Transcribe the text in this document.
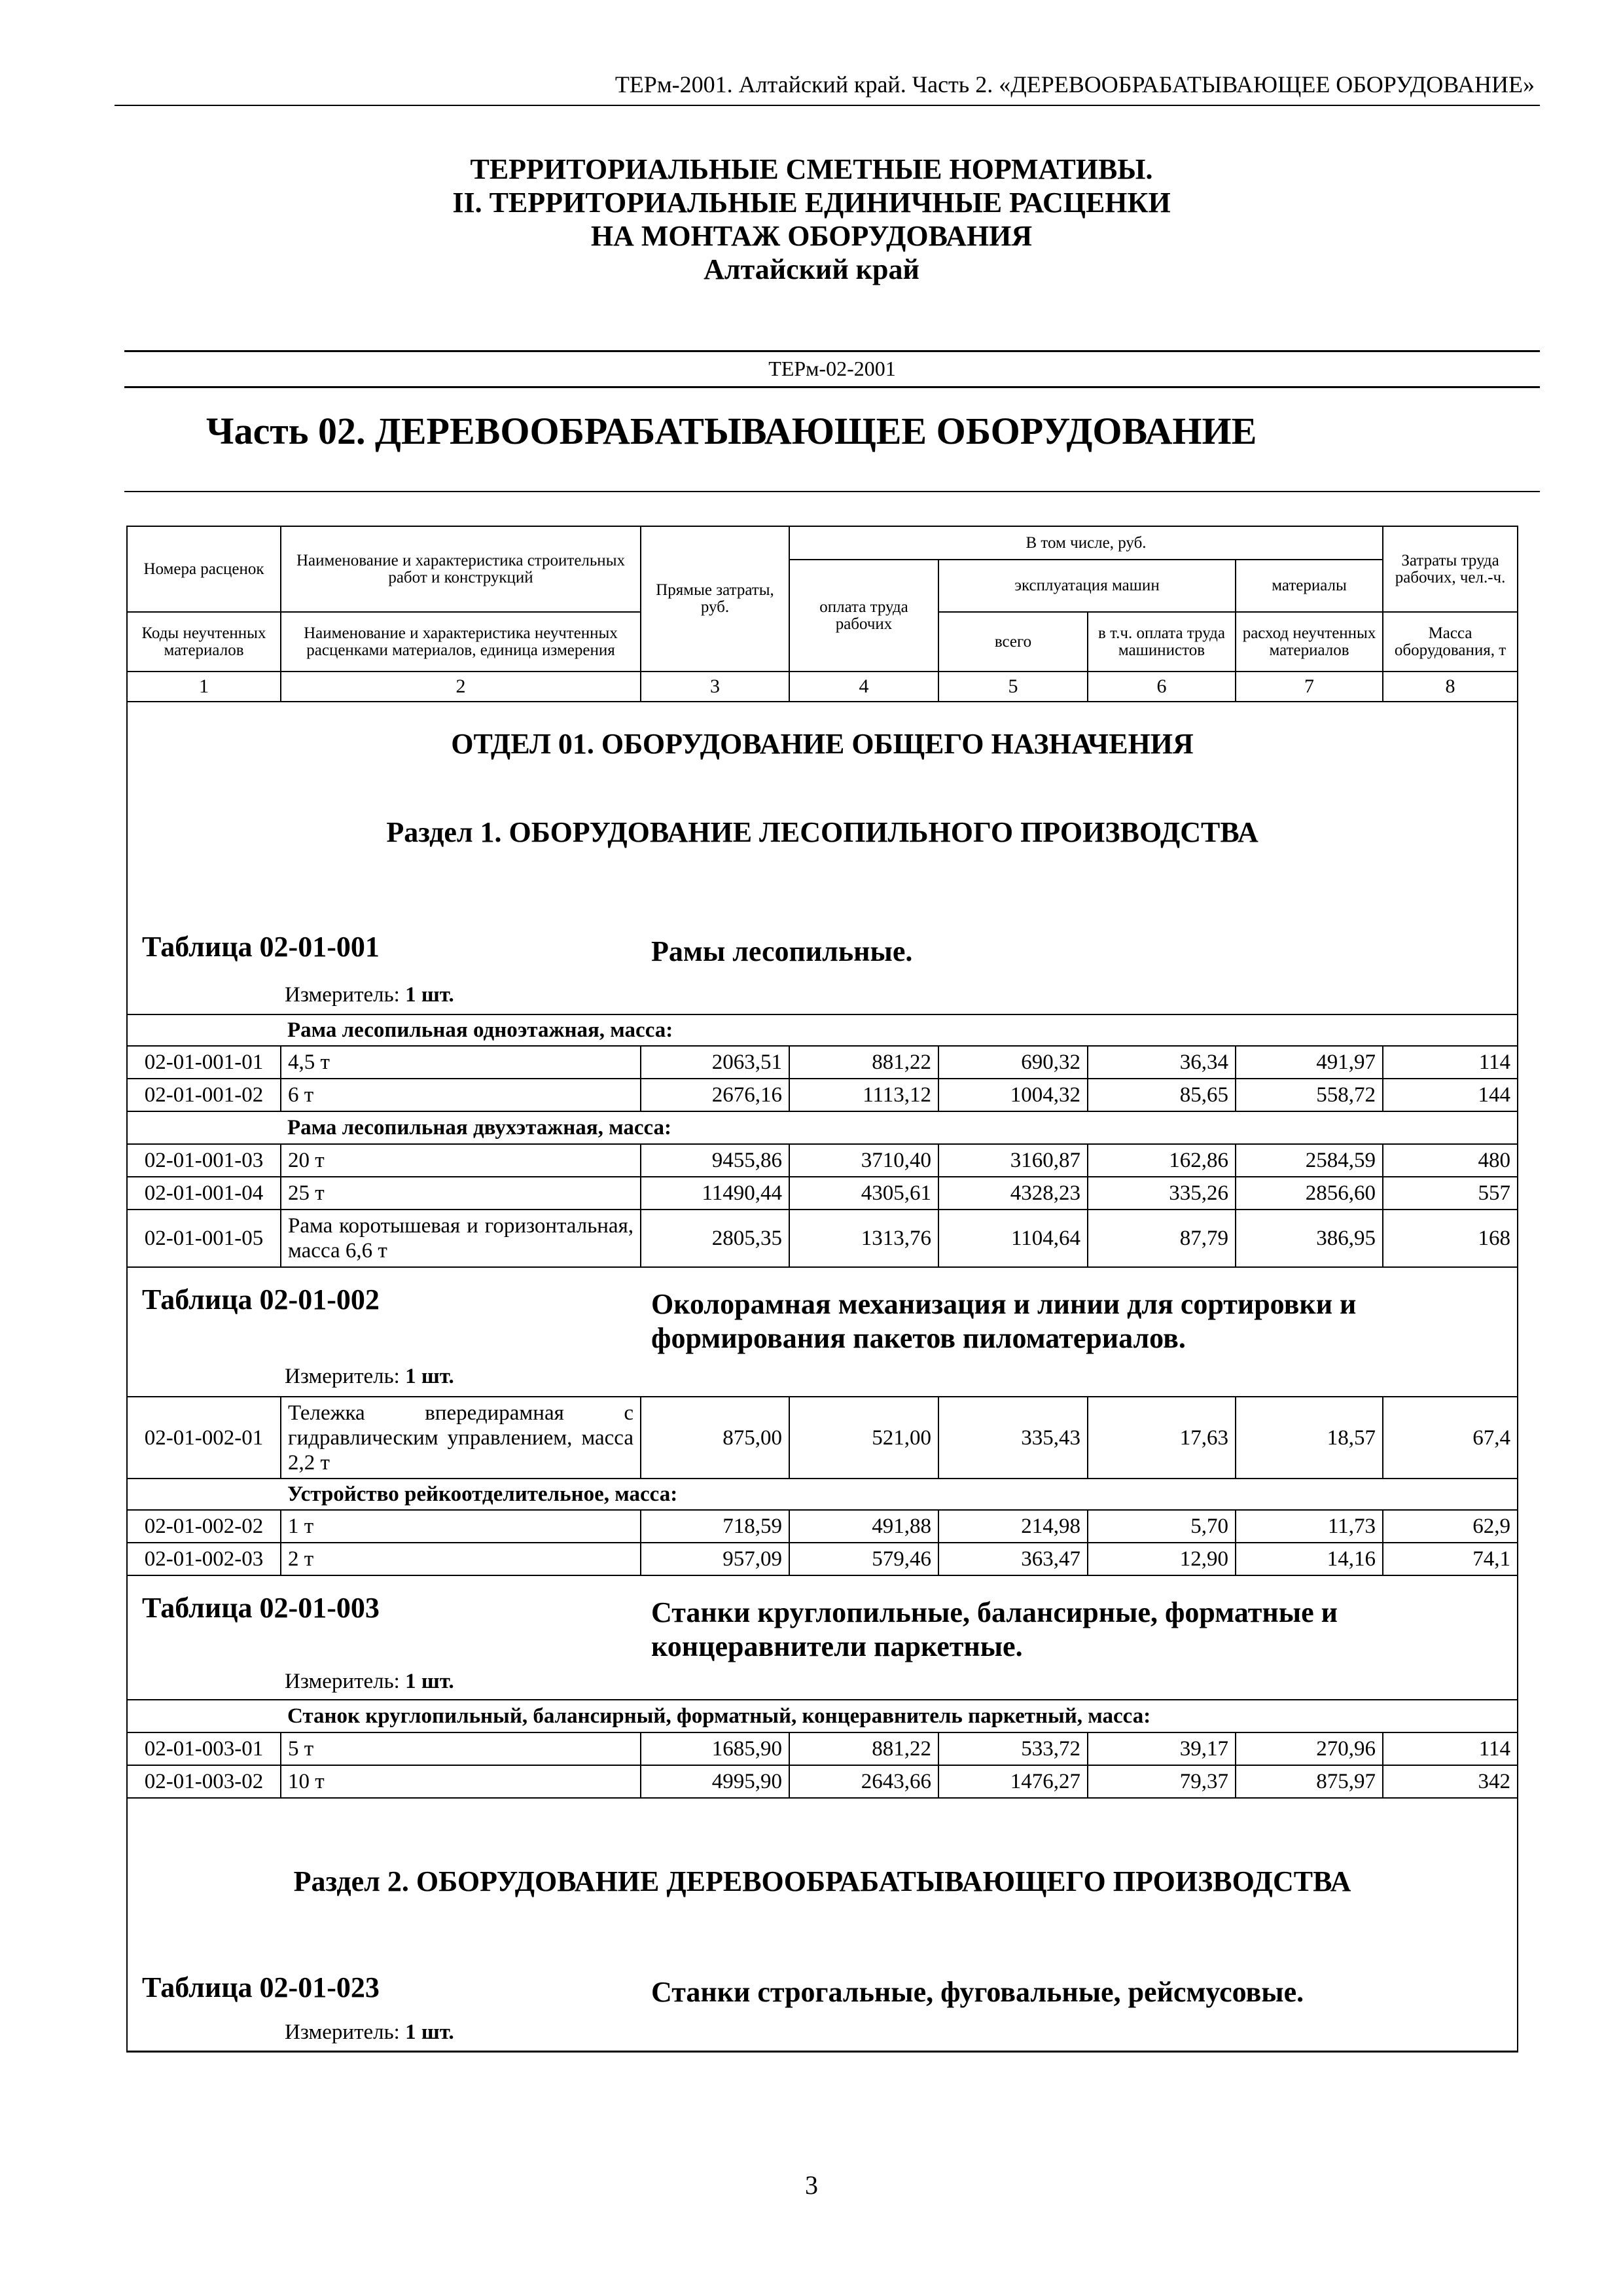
ТЕРм-2001. Алтайский край. Часть 2. «ДЕРЕВООБРАБАТЫВАЮЩЕЕ ОБОРУДОВАНИЕ»
ТЕРРИТОРИАЛЬНЫЕ СМЕТНЫЕ НОРМАТИВЫ.
II. ТЕРРИТОРИАЛЬНЫЕ ЕДИНИЧНЫЕ РАСЦЕНКИ
НА МОНТАЖ ОБОРУДОВАНИЯ
Алтайский край
ТЕРм-02-2001
Часть 02. ДЕРЕВООБРАБАТЫВАЮЩЕЕ ОБОРУДОВАНИЕ
Номера расценок	Наименование и характеристика строительных работ и конструкций	Прямые затраты, руб.	В том числе, руб.				Затраты труда рабочих, чел.-ч.
			оплата труда рабочих	эксплуатация машин		материалы	
Коды неучтенных материалов	Наименование и характеристика неучтенных расценками материалов, единица измерения			всего	в т.ч. оплата труда машинистов	расход неучтенных материалов	Масса оборудования, т
1	2	3	4	5	6	7	8

ОТДЕЛ 01. ОБОРУДОВАНИЕ ОБЩЕГО НАЗНАЧЕНИЯ
Раздел 1. ОБОРУДОВАНИЕ ЛЕСОПИЛЬНОГО ПРОИЗВОДСТВА
Таблица 02-01-001 Рамы лесопильные.
Измеритель: 1 шт.							

	Рама лесопильная одноэтажная, масса:						
02-01-001-01	4,5 т	2063,51	881,22	690,32	36,34	491,97	114
02-01-001-02	6 т	2676,16	1113,12	1004,32	85,65	558,72	144
	Рама лесопильная двухэтажная, масса:						
02-01-001-03	20 т	9455,86	3710,40	3160,87	162,86	2584,59	480
02-01-001-04	25 т	11490,44	4305,61	4328,23	335,26	2856,60	557
02-01-001-05	Рама коротышевая и горизонтальная, масса 6,6 т	2805,35	1313,76	1104,64	87,79	386,95	168

Таблица 02-01-002 Околорамная механизация и линии для сортировки и формирования пакетов пиломатериалов.
Измеритель: 1 шт.							

02-01-002-01	Тележка впередирамная с гидравлическим управлением, масса 2,2 т	875,00	521,00	335,43	17,63	18,57	67,4
	Устройство рейкоотделительное, масса:						
02-01-002-02	1 т	718,59	491,88	214,98	5,70	11,73	62,9
02-01-002-03	2 т	957,09	579,46	363,47	12,90	14,16	74,1

Таблица 02-01-003 Станки круглопильные, балансирные, форматные и концеравнители паркетные.
Измеритель: 1 шт.							

	Станок круглопильный, балансирный, форматный, концеравнитель паркетный, масса:						
02-01-003-01	5 т	1685,90	881,22	533,72	39,17	270,96	114
02-01-003-02	10 т	4995,90	2643,66	1476,27	79,37	875,97	342

Раздел 2. ОБОРУДОВАНИЕ ДЕРЕВООБРАБАТЫВАЮЩЕГО ПРОИЗВОДСТВА
Таблица 02-01-023 Станки строгальные, фуговальные, рейсмусовые.
Измеритель: 1 шт.							
3
